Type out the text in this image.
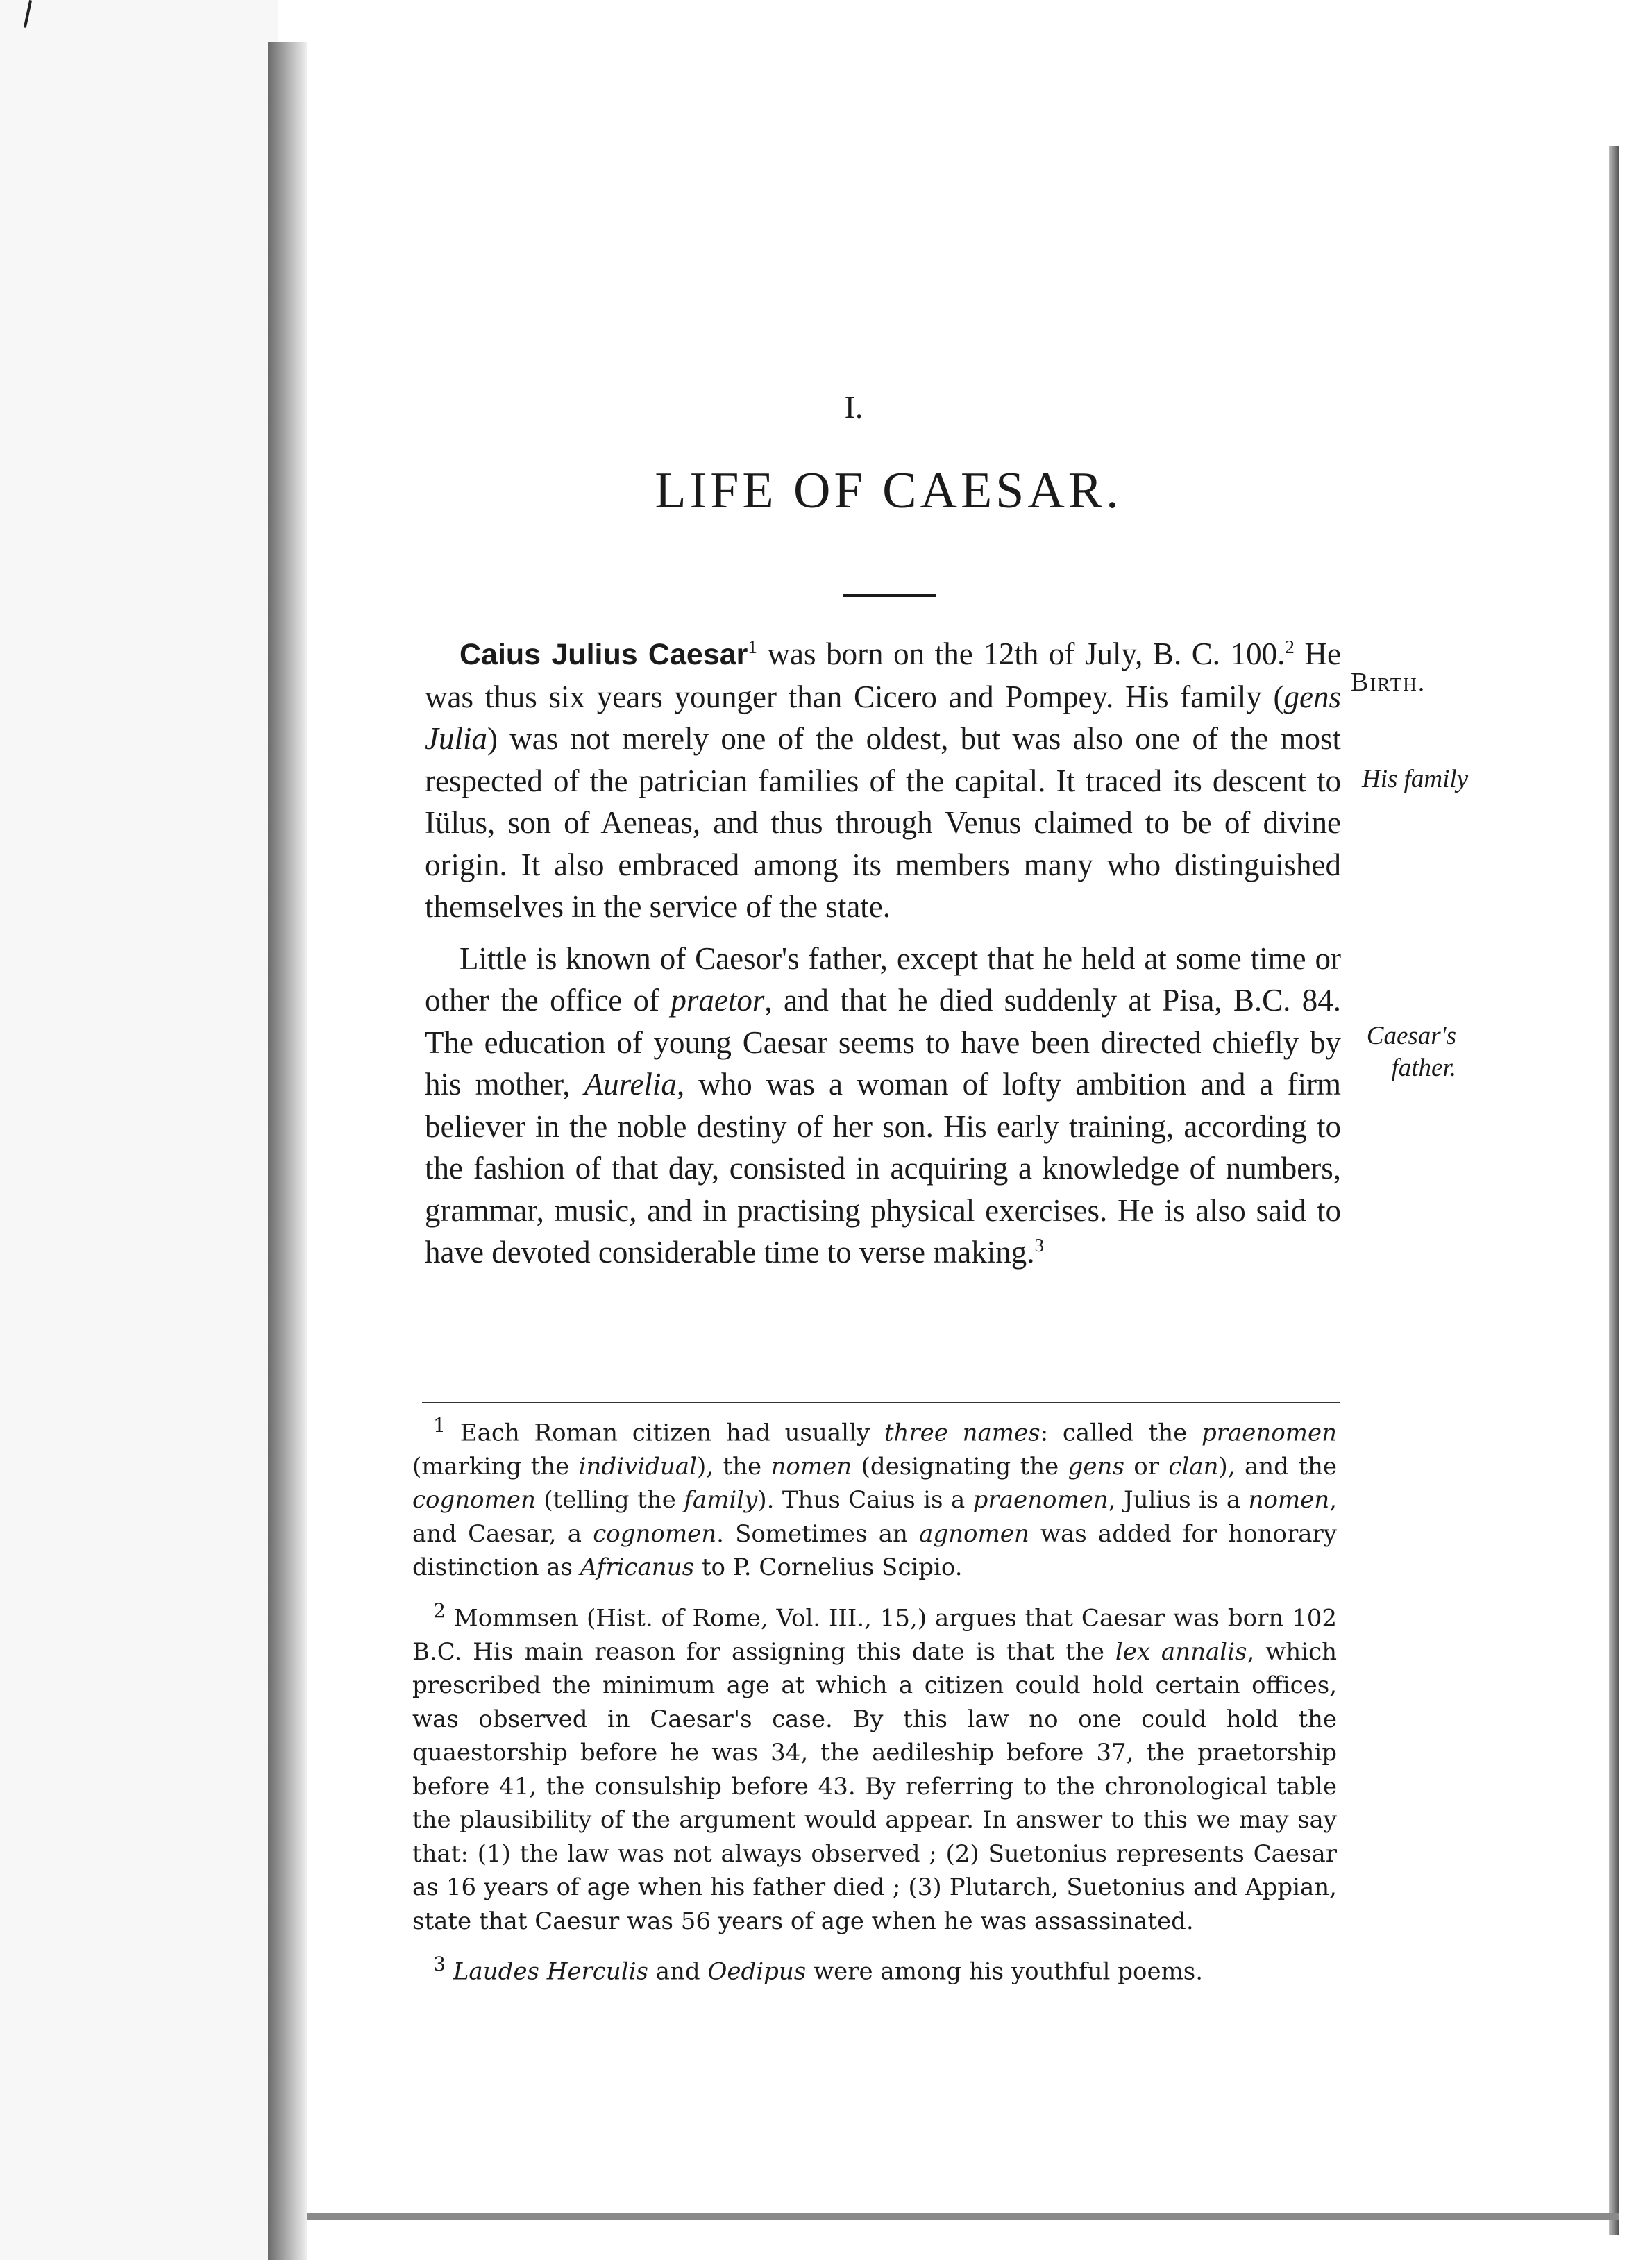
I.
LIFE OF CAESAR.
Birth.
His family
Caesar's
father.

Caius Julius Caesar$^1$ was born on the 12th of July, B. C. 100.$^2$ He was thus six years younger than Cicero and Pompey. His family (gens Julia) was not merely one of the oldest, but was also one of the most respected of the patrician families of the capital. It traced its descent to Iülus, son of Aeneas, and thus through Venus claimed to be of divine origin. It also embraced among its members many who distinguished themselves in the service of the state.

Little is known of Caesor's father, except that he held at some time or other the office of praetor, and that he died suddenly at Pisa, B.C. 84. The education of young Caesar seems to have been directed chiefly by his mother, Aurelia, who was a woman of lofty ambition and a firm believer in the noble destiny of her son. His early training, according to the fashion of that day, consisted in acquiring a knowledge of numbers, grammar, music, and in practising physical exercises. He is also said to have devoted considerable time to verse making.$^3$

$^1$ Each Roman citizen had usually three names: called the praenomen (marking the individual), the nomen (designating the gens or clan), and the cognomen (telling the family). Thus Caius is a praenomen, Julius is a nomen, and Caesar, a cognomen. Sometimes an agnomen was added for honorary distinction as Africanus to P. Cornelius Scipio.

$^2$ Mommsen (Hist. of Rome, Vol. III., 15,) argues that Caesar was born 102 B.C. His main reason for assigning this date is that the lex annalis, which prescribed the minimum age at which a citizen could hold certain offices, was observed in Caesar's case. By this law no one could hold the quaestorship before he was 34, the aedileship before 37, the praetorship before 41, the consulship before 43. By referring to the chronological table the plausibility of the argument would appear. In answer to this we may say that: (1) the law was not always observed ; (2) Suetonius represents Caesar as 16 years of age when his father died ; (3) Plutarch, Suetonius and Appian, state that Caesur was 56 years of age when he was assassinated.

$^3$ Laudes Herculis and Oedipus were among his youthful poems.
